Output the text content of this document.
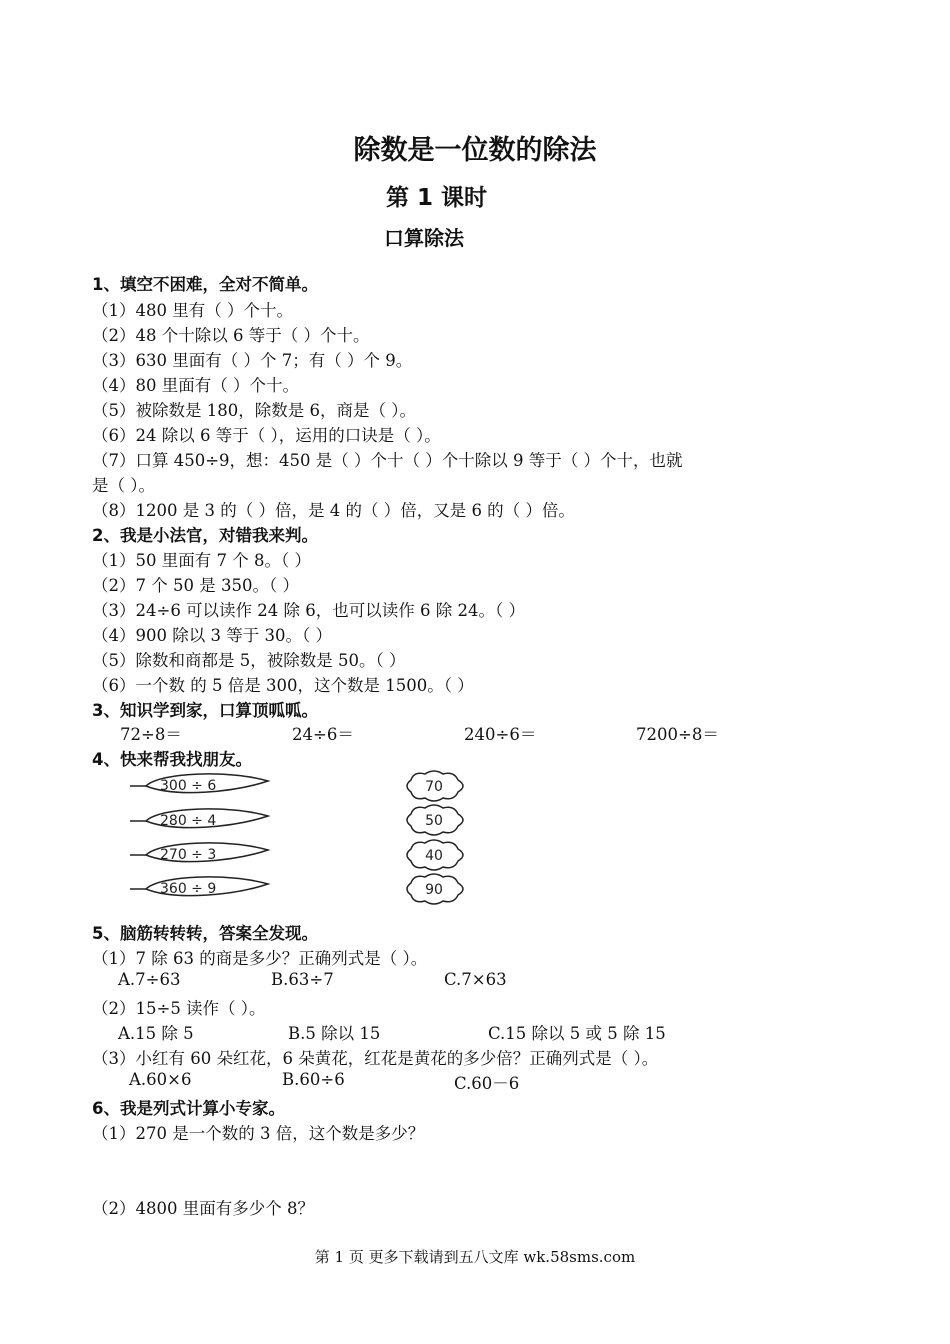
除数是一位数的除法
第 1 课时
口算除法
1、填空不困难，全对不简单。
（1）480 里有（ ）个十。
（2）48 个十除以 6 等于（ ）个十。
（3）630 里面有（ ）个 7；有（ ）个 9。
（4）80 里面有（ ）个十。
（5）被除数是 180，除数是 6，商是（ ）。
（6）24 除以 6 等于（ ），运用的口诀是（ ）。
（7）口算 450÷9，想：450 是（ ）个十（ ）个十除以 9 等于（ ）个十，也就
是（ ）。
（8）1200 是 3 的（ ）倍，是 4 的（ ）倍，又是 6 的（ ）倍。
2、我是小法官，对错我来判。
（1）50 里面有 7 个 8。（ ）
（2）7 个 50 是 350。（ ）
（3）24÷6 可以读作 24 除 6，也可以读作 6 除 24。（ ）
（4）900 除以 3 等于 30。（ ）
（5）除数和商都是 5，被除数是 50。（ ）
（6）一个数 的 5 倍是 300，这个数是 1500。（ ）
3、知识学到家，口算顶呱呱。
72÷8＝	24÷6＝	240÷6＝	7200÷8＝
4、快来帮我找朋友。
300 ÷ 6
280 ÷ 4
270 ÷ 3
360 ÷ 9
70
50
40
90
5、脑筋转转转，答案全发现。
（1）7 除 63 的商是多少？正确列式是（ ）。
A.7÷63	B.63÷7	C.7×63
（2）15÷5 读作（ ）。
A.15 除 5	B.5 除以 15	C.15 除以 5 或 5 除 15
（3）小红有 60 朵红花，6 朵黄花，红花是黄花的多少倍？正确列式是（ ）。
A.60×6	B.60÷6	C.60－6
6、我是列式计算小专家。
（1）270 是一个数的 3 倍，这个数是多少？
（2）4800 里面有多少个 8？
第 1 页 更多下载请到五八文库 wk.58sms.com
